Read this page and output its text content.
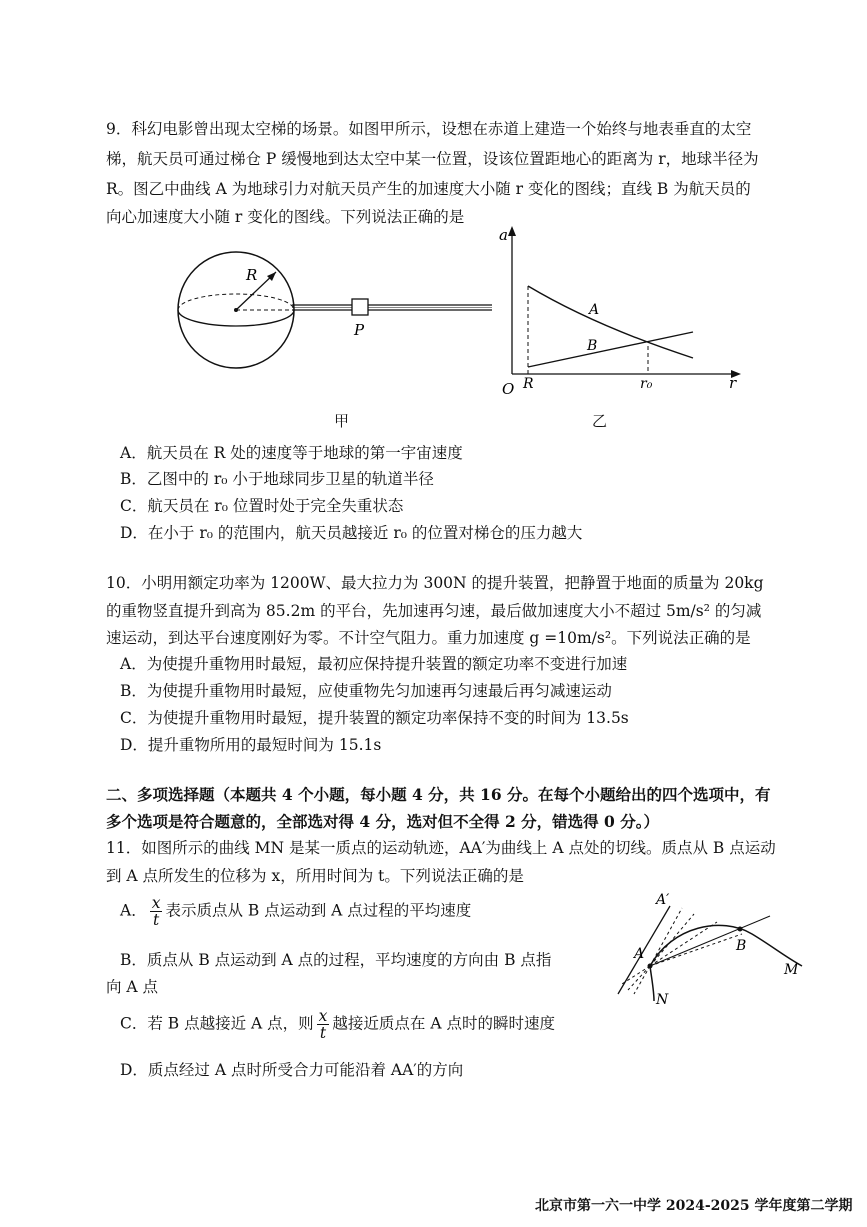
9．科幻电影曾出现太空梯的场景。如图甲所示，设想在赤道上建造一个始终与地表垂直的太空
梯，航天员可通过梯仓 P 缓慢地到达太空中某一位置，设该位置距地心的距离为 r，地球半径为
R。图乙中曲线 A 为地球引力对航天员产生的加速度大小随 r 变化的图线；直线 B 为航天员的
向心加速度大小随 r 变化的图线。下列说法正确的是
R
P
甲
a
O R	r₀	r
A
B
乙
A．航天员在 R 处的速度等于地球的第一宇宙速度
B．乙图中的 r₀ 小于地球同步卫星的轨道半径
C．航天员在 r₀ 位置时处于完全失重状态
D．在小于 r₀ 的范围内，航天员越接近 r₀ 的位置对梯仓的压力越大
10．小明用额定功率为 1200W、最大拉力为 300N 的提升装置，把静置于地面的质量为 20kg
的重物竖直提升到高为 85.2m 的平台，先加速再匀速，最后做加速度大小不超过 5m/s² 的匀减
速运动，到达平台速度刚好为零。不计空气阻力。重力加速度 g =10m/s²。下列说法正确的是
A．为使提升重物用时最短，最初应保持提升装置的额定功率不变进行加速
B．为使提升重物用时最短，应使重物先匀加速再匀速最后再匀减速运动
C．为使提升重物用时最短，提升装置的额定功率保持不变的时间为 13.5s
D．提升重物所用的最短时间为 15.1s
二、多项选择题（本题共 4 个小题，每小题 4 分，共 16 分。在每个小题给出的四个选项中，有
多个选项是符合题意的，全部选对得 4 分，选对但不全得 2 分，错选得 0 分。）
11．如图所示的曲线 MN 是某一质点的运动轨迹，AA′为曲线上 A 点处的切线。质点从 B 点运动
到 A 点所发生的位移为 x，所用时间为 t。下列说法正确的是
A． $\frac{x}{t}$ 表示质点从 B 点运动到 A 点过程的平均速度
B．质点从 B 点运动到 A 点的过程，平均速度的方向由 B 点指
向 A 点
C．若 B 点越接近 A 点，则 $\frac{x}{t}$ 越接近质点在 A 点时的瞬时速度
D．质点经过 A 点时所受合力可能沿着 AA′的方向
A′
A	B
M
N
北京市第一六一中学 2024-2025 学年度第二学期
